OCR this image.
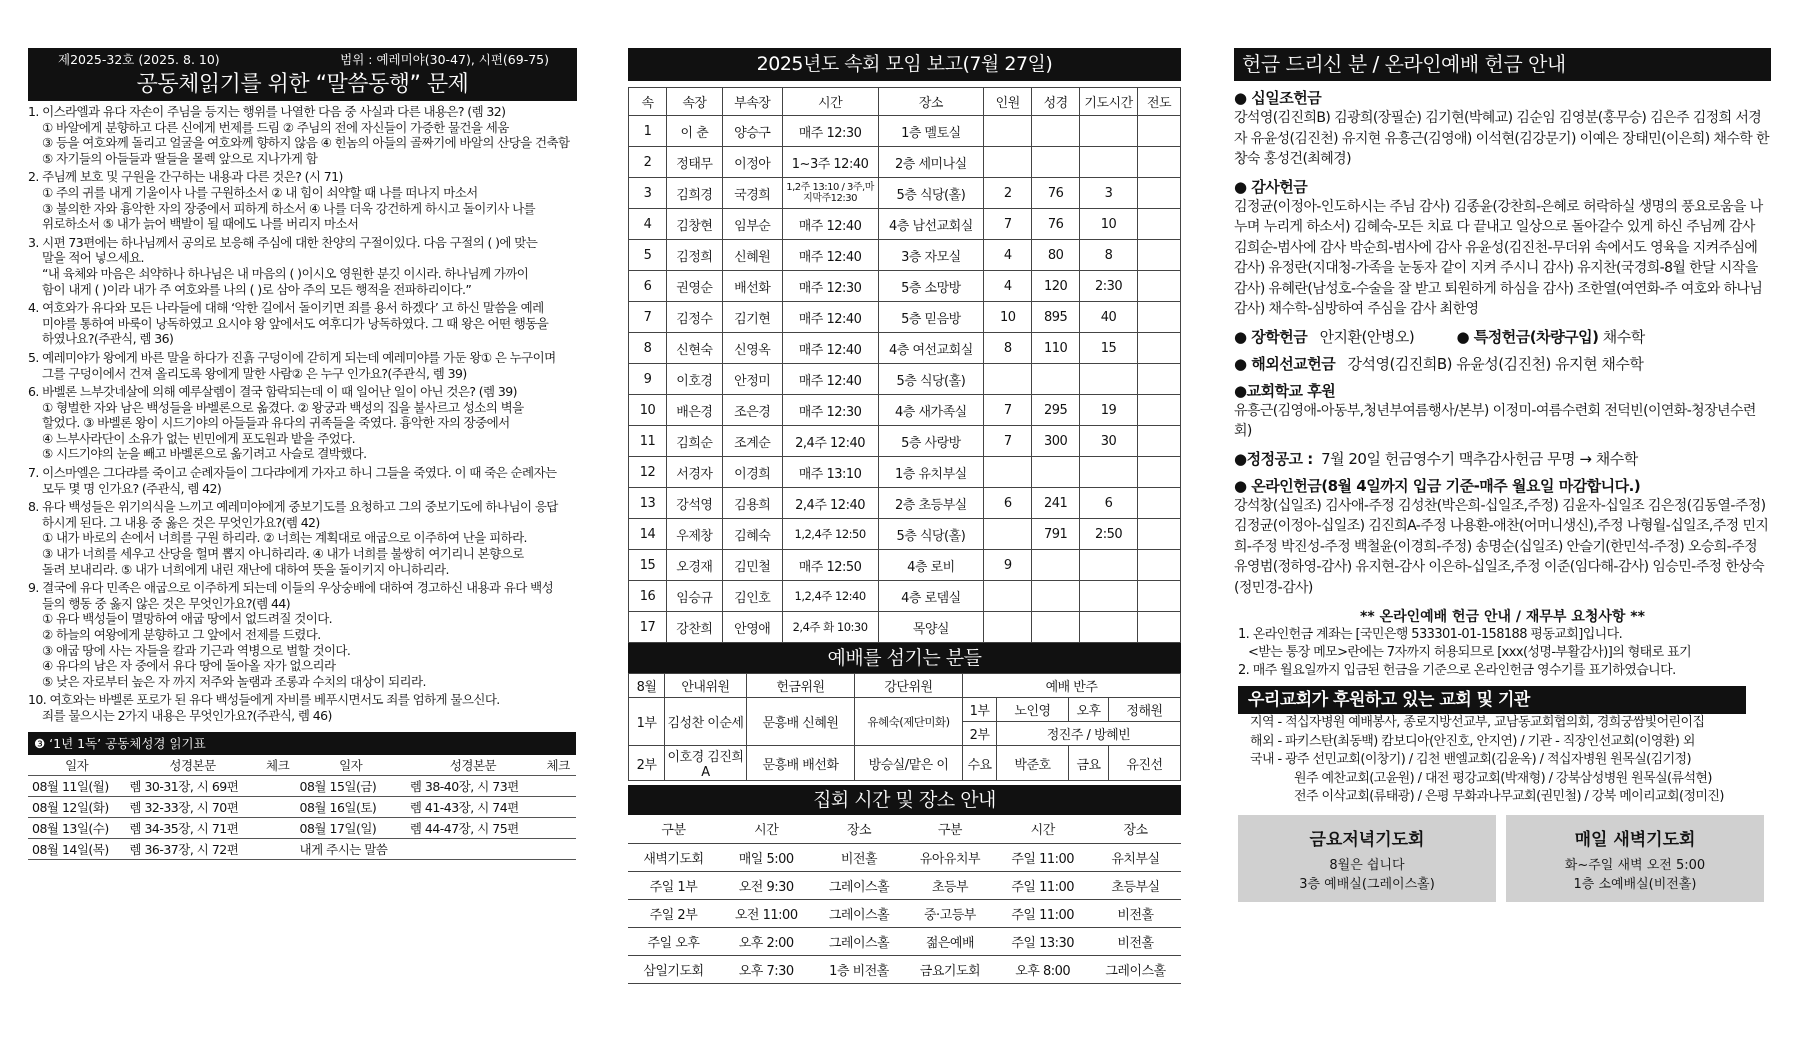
제2025-32호 (2025. 8. 10)	범위 : 예레미야(30-47), 시편(69-75)
공동체읽기를 위한 “말씀동행” 문제
1. 이스라엘과 유다 자손이 주님을 등지는 행위를 나열한 다음 중 사실과 다른 내용은? (렘 32)
① 바알에게 분향하고 다른 신에게 번제를 드림 ② 주님의 전에 자신들이 가증한 물건을 세움
③ 등을 여호와께 돌리고 얼굴을 여호와께 향하지 않음 ④ 힌놈의 아들의 골짜기에 바알의 산당을 건축함
⑤ 자기들의 아들들과 딸들을 몰렉 앞으로 지나가게 함
2. 주님께 보호 및 구원을 간구하는 내용과 다른 것은? (시 71)
① 주의 귀를 내게 기울이사 나를 구원하소서 ② 내 힘이 쇠약할 때 나를 떠나지 마소서
③ 불의한 자와 흉악한 자의 장중에서 피하게 하소서 ④ 나를 더욱 강건하게 하시고 돌이키사 나를
위로하소서 ⑤ 내가 늙어 백발이 될 때에도 나를 버리지 마소서
3. 시편 73편에는 하나님께서 공의로 보응해 주심에 대한 찬양의 구절이있다. 다음 구절의 ( )에 맞는
말을 적어 넣으세요.
“내 육체와 마음은 쇠약하나 하나님은 내 마음의 ( )이시오 영원한 분깃 이시라. 하나님께 가까이
함이 내게 ( )이라 내가 주 여호와를 나의 ( )로 삼아 주의 모든 행적을 전파하리이다.”
4. 여호와가 유다와 모든 나라들에 대해 ‘악한 길에서 돌이키면 죄를 용서 하겠다’ 고 하신 말씀을 예레
미야를 통하여 바룩이 낭독하였고 요시야 왕 앞에서도 여후디가 낭독하였다. 그 때 왕은 어떤 행동을
하였나요?(주관식, 렘 36)
5. 예레미야가 왕에게 바른 말을 하다가 진흙 구덩이에 갇히게 되는데 예레미야를 가둔 왕① 은 누구이며
그를 구덩이에서 건져 올리도록 왕에게 말한 사람② 은 누구 인가요?(주관식, 렘 39)
6. 바벨론 느부갓네살에 의해 예루살렘이 결국 함락되는데 이 때 일어난 일이 아닌 것은? (렘 39)
① 형벌한 자와 남은 백성들을 바벨론으로 옮겼다. ② 왕궁과 백성의 집을 불사르고 성소의 벽을
할었다. ③ 바벨론 왕이 시드기야의 아들들과 유다의 귀족들을 죽였다. 흉악한 자의 장중에서
④ 느부사라단이 소유가 없는 빈민에게 포도원과 밭을 주었다.
⑤ 시드기야의 눈을 빼고 바벨론으로 옮기려고 사슬로 결박했다.
7. 이스마엘은 그다랴를 죽이고 순례자들이 그다랴에게 가자고 하니 그들을 죽였다. 이 때 죽은 순례자는
모두 몇 명 인가요? (주관식, 렘 42)
8. 유다 백성들은 위기의식을 느끼고 예레미야에게 중보기도를 요청하고 그의 중보기도에 하나님이 응답
하시게 된다. 그 내용 중 옳은 것은 무엇인가요?(렘 42)
① 내가 바로의 손에서 너희를 구원 하리라. ② 너희는 계획대로 애굽으로 이주하여 난을 피하라.
③ 내가 너희를 세우고 산당을 헐며 뽑지 아니하리라. ④ 내가 너희를 불쌍히 여기리니 본향으로
돌려 보내리라. ⑤ 내가 너희에게 내린 재난에 대하여 뜻을 돌이키지 아니하리라.
9. 결국에 유다 민족은 애굽으로 이주하게 되는데 이들의 우상숭배에 대하여 경고하신 내용과 유다 백성
들의 행동 중 옳지 않은 것은 무엇인가요?(렘 44)
① 유다 백성들이 멸망하여 애굽 땅에서 없드려질 것이다.
② 하늘의 여왕에게 분향하고 그 앞에서 전제를 드렸다.
③ 애굽 땅에 사는 자들을 칼과 기근과 역병으로 벌할 것이다.
④ 유다의 남은 자 중에서 유다 땅에 돌아올 자가 없으리라
⑤ 낮은 자로부터 높은 자 까지 저주와 놀램과 조롱과 수치의 대상이 되리라.
10. 여호와는 바벨론 포로가 된 유다 백성들에게 자비를 베푸시면서도 죄를 엄하게 물으신다.
죄를 물으시는 2가지 내용은 무엇인가요?(주관식, 렘 46)
❸ ‘1년 1독’ 공동체성경 읽기표
일자	성경본문	체크	일자	성경본문	체크
08월 11일(월)	렘 30-31장, 시 69편		08월 15일(금)	렘 38-40장, 시 73편	
08월 12일(화)	렘 32-33장, 시 70편		08월 16일(토)	렘 41-43장, 시 74편	
08월 13일(수)	렘 34-35장, 시 71편		08월 17일(일)	렘 44-47장, 시 75편	
08월 14일(목)	렘 36-37장, 시 72편		내게 주시는 말씀		
2025년도 속회 모임 보고(7월 27일)
속	속장	부속장	시간	장소	인원	성경	기도시간	전도
1	이 춘	양승구	매주 12:30	1층 멜토실				
2	정태무	이정아	1~3주 12:40	2층 세미나실				
3	김희경	국경희	1,2주 13:10 / 3주,마지막주12:30	5층 식당(홀)	2	76	3	
4	김창현	임부순	매주 12:40	4층 남선교회실	7	76	10	
5	김정희	신혜원	매주 12:40	3층 자모실	4	80	8	
6	권영순	배선화	매주 12:30	5층 소망방	4	120	2:30	
7	김정수	김기현	매주 12:40	5층 믿음방	10	895	40	
8	신현숙	신영옥	매주 12:40	4층 여선교회실	8	110	15	
9	이호경	안정미	매주 12:40	5층 식당(홀)				
10	배은경	조은경	매주 12:30	4층 새가족실	7	295	19	
11	김희순	조계순	2,4주 12:40	5층 사랑방	7	300	30	
12	서경자	이경희	매주 13:10	1층 유치부실				
13	강석영	김용희	2,4주 12:40	2층 초등부실	6	241	6	
14	우제창	김혜숙	1,2,4주 12:50	5층 식당(홀)		791	2:50	
15	오경재	김민철	매주 12:50	4층 로비	9			
16	임승규	김인호	1,2,4주 12:40	4층 로뎀실				
17	강찬희	안영애	2,4주 화 10:30	목양실				
예배를 섬기는 분들
8월	안내위원	헌금위원	강단위원	예배 반주			
1부	김성찬 이순세	문흥배 신혜원	유혜숙(제단미화)	1부	노인영	오후	정해원
				2부	정진주 / 방혜빈		
2부	이호경 김진희A	문흥배 배선화	방승실/맡은 이	수요	박준호	금요	유진선
집회 시간 및 장소 안내
구분	시간	장소	구분	시간	장소
새벽기도회	매일 5:00	비전홀	유아유치부	주일 11:00	유치부실
주일 1부	오전 9:30	그레이스홀	초등부	주일 11:00	초등부실
주일 2부	오전 11:00	그레이스홀	중·고등부	주일 11:00	비전홀
주일 오후	오후 2:00	그레이스홀	젊은예배	주일 13:30	비전홀
삼일기도회	오후 7:30	1층 비전홀	금요기도회	오후 8:00	그레이스홀
헌금 드리신 분 / 온라인예배 헌금 안내
● 십일조헌금
강석영(김진희B) 김광희(장필순) 김기현(박혜교) 김순임 김영분(홍무승) 김은주 김정희 서경자 유윤성(김진천) 유지현 유흥근(김영애) 이석현(김강문기) 이예은 장태민(이은희) 채수학 한창숙 홍성건(최혜경)
● 감사헌금
김정균(이정아-인도하시는 주님 감사) 김종윤(강찬희-은혜로 허락하실 생명의 풍요로움을 나누며 누리게 하소서) 김혜숙-모든 치료 다 끝내고 일상으로 돌아갈수 있게 하신 주님께 감사 김희순-범사에 감사 박순희-범사에 감사 유윤성(김진천-무더위 속에서도 영육을 지켜주심에 감사) 유정란(지대청-가족을 눈동자 같이 지켜 주시니 감사) 유지찬(국경희-8월 한달 시작을 감사) 유혜란(남성호-수술을 잘 받고 퇴원하게 하심을 감사) 조한열(여연화-주 여호와 하나님 감사) 채수학-심방하여 주심을 감사 최한영
● 장학헌금 안지환(안병오)	● 특정헌금(차량구입) 채수학
● 해외선교헌금 강석영(김진희B) 유윤성(김진천) 유지현 채수학
●교회학교 후원
유흥근(김영애-아동부,청년부여름행사/본부) 이정미-여름수련회 전덕빈(이연화-청장년수련회)
●정정공고 : 7월 20일 헌금영수기 맥추감사헌금 무명 → 채수학
● 온라인헌금(8월 4일까지 입금 기준-매주 월요일 마감합니다.)
강석창(십일조) 김사애-주정 김성찬(박은희-십일조,주정) 김윤자-십일조 김은정(김동열-주정) 김정균(이정아-십일조) 김진희A-주정 나용환-애찬(어머니생신),주정 나형월-십일조,주정 민지희-주정 박진성-주정 백철윤(이경희-주정) 송명순(십일조) 안슬기(한민석-주정) 오승희-주정 유영범(정하영-감사) 유지현-감사 이은하-십일조,주정 이준(임다해-감사) 임승민-주정 한상숙(정민경-감사)
** 온라인예배 헌금 안내 / 재무부 요청사항 **
1. 온라인헌금 계좌는 [국민은행 533301-01-158188 평동교회]입니다.
<받는 통장 메모>란에는 7자까지 허용되므로 [xxx(성명-부활감사)]의 형태로 표기
2. 매주 월요일까지 입금된 헌금을 기준으로 온라인헌금 영수기를 표기하였습니다.
우리교회가 후원하고 있는 교회 및 기관
지역 - 적십자병원 예배봉사, 종로지방선교부, 교남동교회협의회, 경희궁쌈빛어린이집
해외 - 파키스탄(최동백) 캄보디아(안진호, 안지연) / 기관 - 직장인선교회(이영환) 외
국내 - 광주 선민교회(이창기) / 김천 밴엘교회(김윤옥) / 적십자병원 원목실(김기정)
원주 예찬교회(고윤원) / 대전 평강교회(박재형) / 강북삼성병원 원목실(류석현)
전주 이삭교회(류태광) / 은평 무화과나무교회(권민철) / 강북 메이리교회(정미진)
금요저녁기도회
8월은 쉽니다
3층 예배실(그레이스홀)
매일 새벽기도회
화~주일 새벽 오전 5:00
1층 소예배실(비전홀)
